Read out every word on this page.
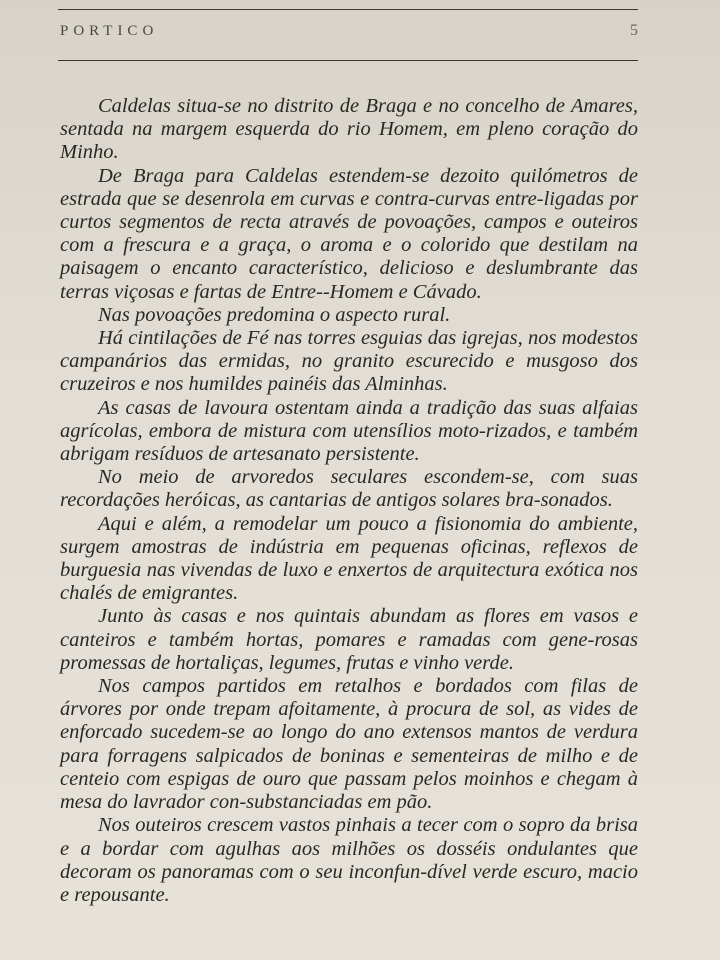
PORTICO	5

Caldelas situa-se no distrito de Braga e no concelho de Amares, sentada na margem esquerda do rio Homem, em pleno coração do Minho.

De Braga para Caldelas estendem-se dezoito quilómetros de estrada que se desenrola em curvas e contra-curvas entre-ligadas por curtos segmentos de recta através de povoações, campos e outeiros com a frescura e a graça, o aroma e o colorido que destilam na paisagem o encanto característico, delicioso e deslumbrante das terras viçosas e fartas de Entre--Homem e Cávado.

Nas povoações predomina o aspecto rural.

Há cintilações de Fé nas torres esguias das igrejas, nos modestos campanários das ermidas, no granito escurecido e musgoso dos cruzeiros e nos humildes painéis das Alminhas.

As casas de lavoura ostentam ainda a tradição das suas alfaias agrícolas, embora de mistura com utensílios moto-rizados, e também abrigam resíduos de artesanato persistente.

No meio de arvoredos seculares escondem-se, com suas recordações heróicas, as cantarias de antigos solares bra-sonados.

Aqui e além, a remodelar um pouco a fisionomia do ambiente, surgem amostras de indústria em pequenas oficinas, reflexos de burguesia nas vivendas de luxo e enxertos de arquitectura exótica nos chalés de emigrantes.

Junto às casas e nos quintais abundam as flores em vasos e canteiros e também hortas, pomares e ramadas com gene-rosas promessas de hortaliças, legumes, frutas e vinho verde.

Nos campos partidos em retalhos e bordados com filas de árvores por onde trepam afoitamente, à procura de sol, as vides de enforcado sucedem-se ao longo do ano extensos mantos de verdura para forragens salpicados de boninas e sementeiras de milho e de centeio com espigas de ouro que passam pelos moinhos e chegam à mesa do lavrador con-substanciadas em pão.

Nos outeiros crescem vastos pinhais a tecer com o sopro da brisa e a bordar com agulhas aos milhões os dosséis ondulantes que decoram os panoramas com o seu inconfun-dível verde escuro, macio e repousante.
